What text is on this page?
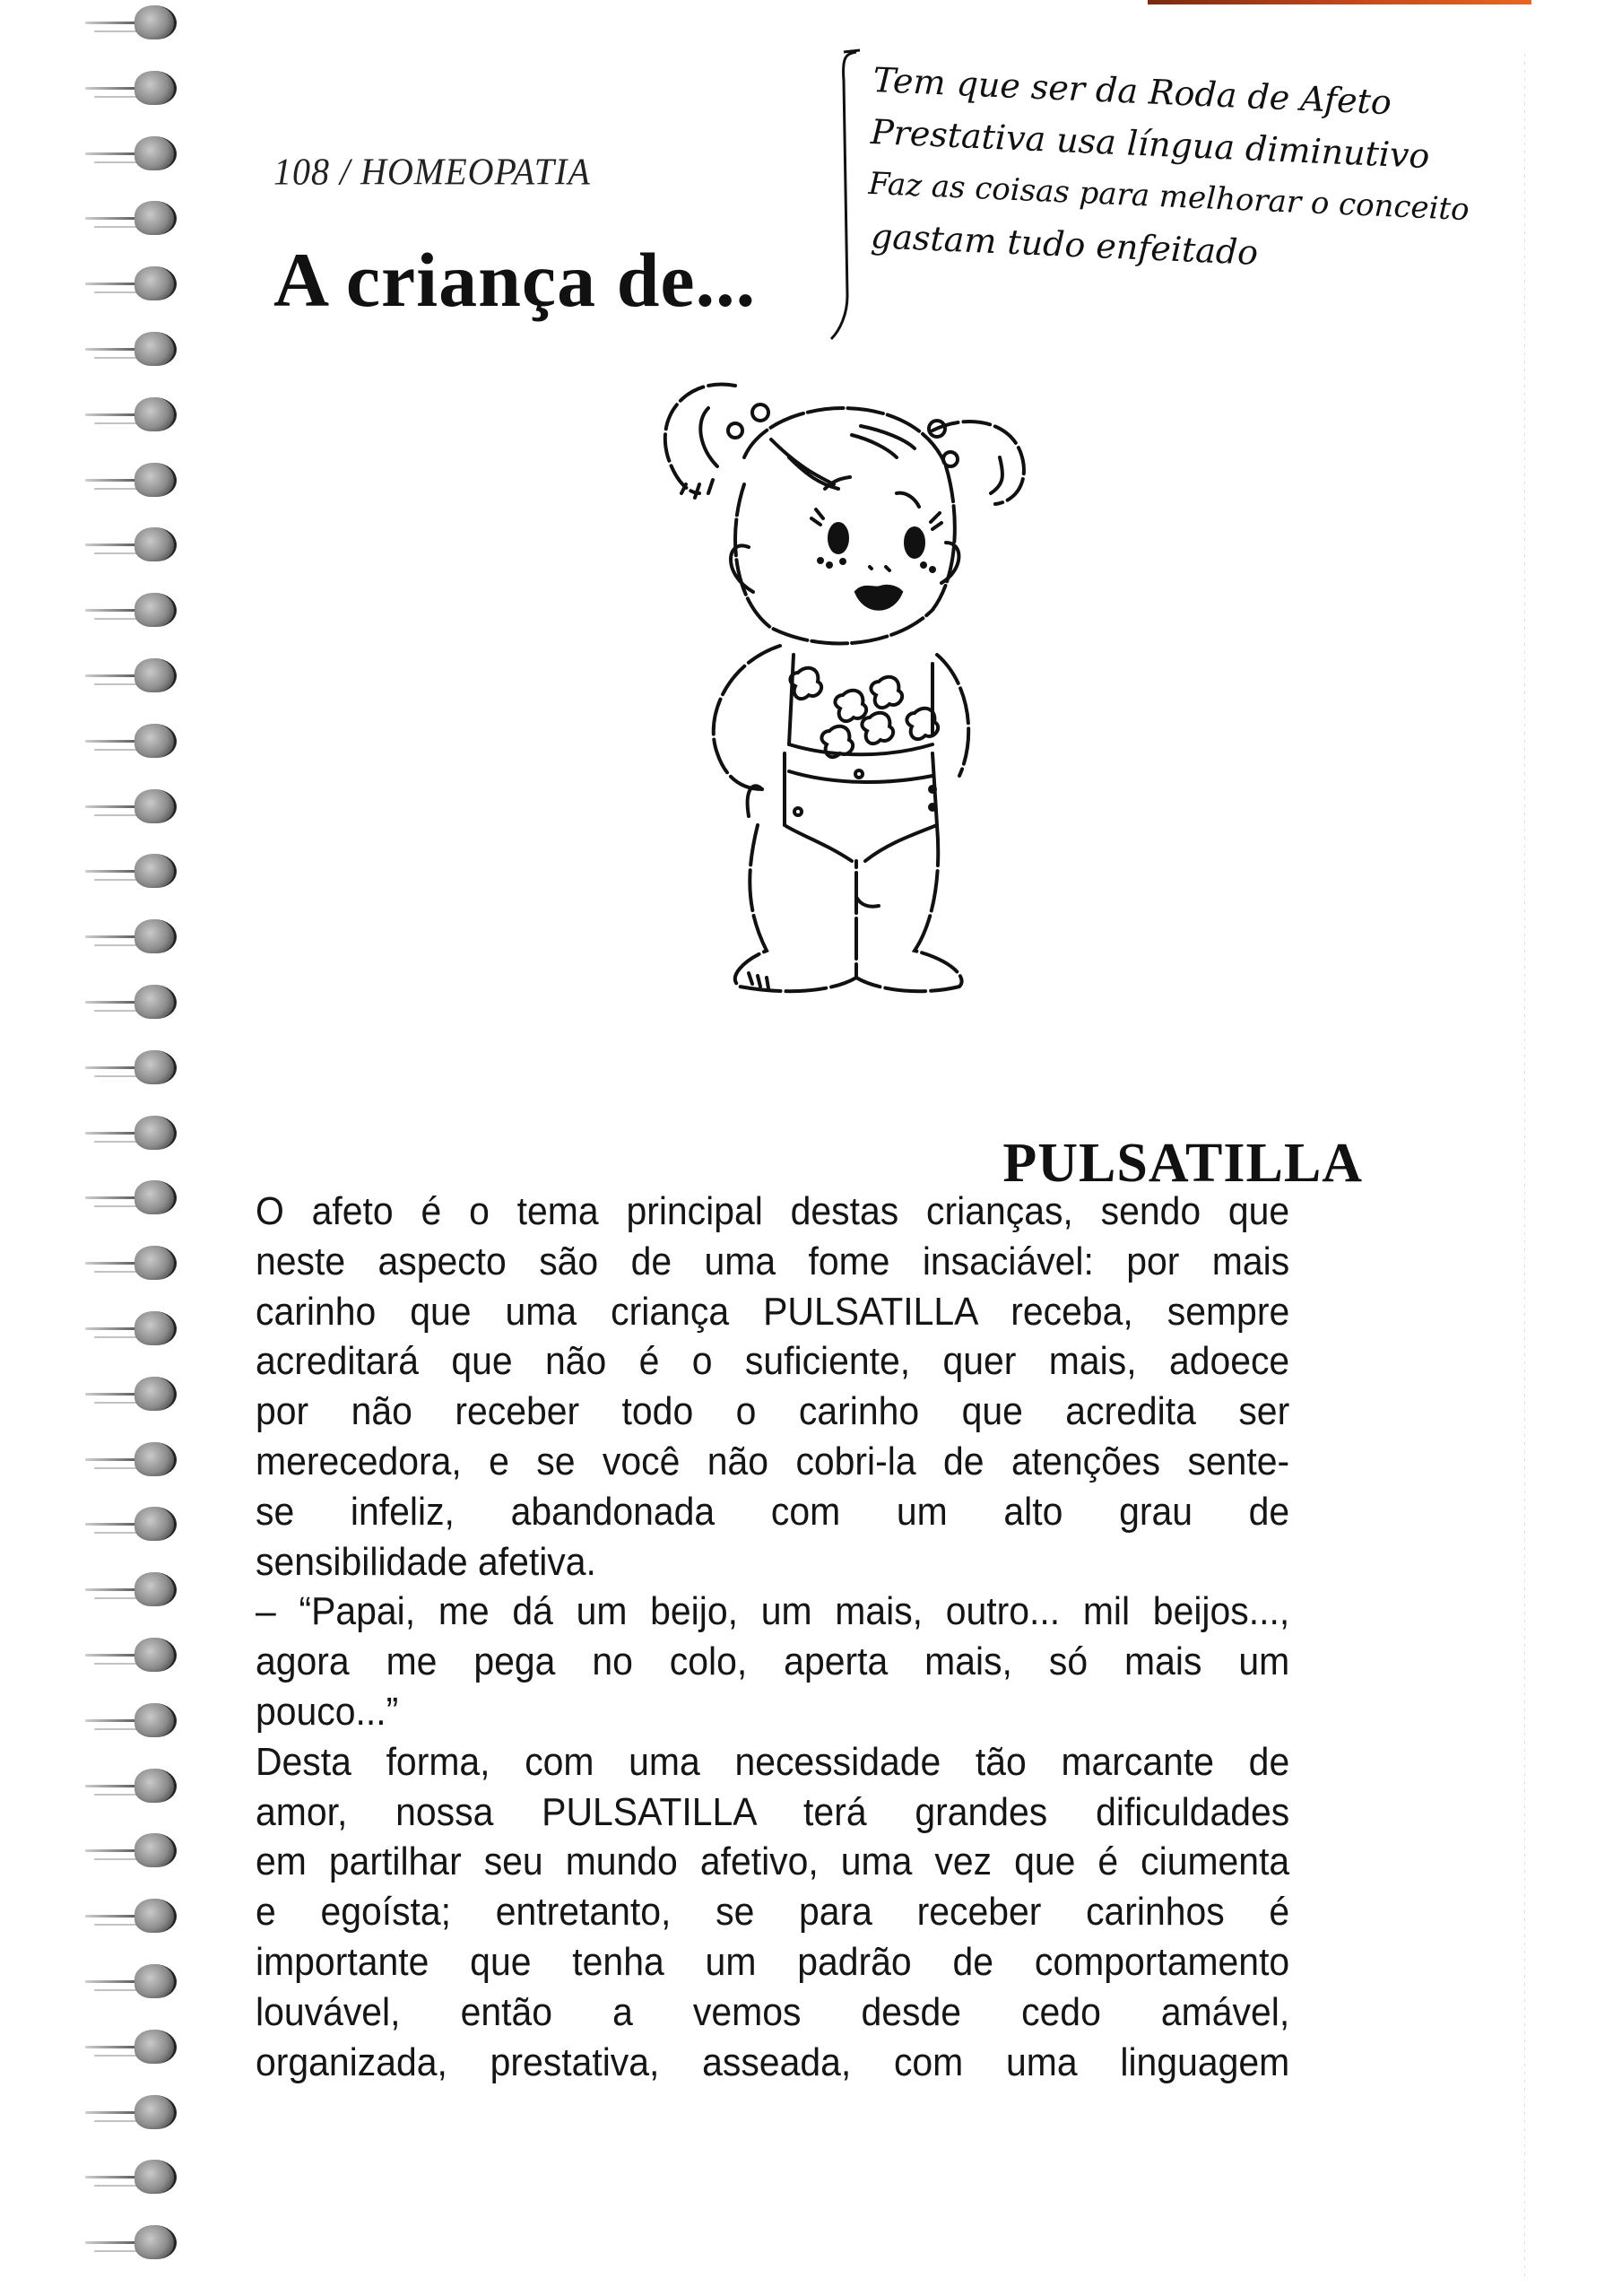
108 / HOMEOPATIA
A criança de...
Tem que ser da Roda de Afeto
Prestativa usa língua diminutivo
Faz as coisas para melhorar o conceito
gastam tudo enfeitado
PULSATILLA
O afeto é o tema principal destas crianças, sendo que
neste aspecto são de uma fome insaciável: por mais
carinho que uma criança PULSATILLA receba, sempre
acreditará que não é o suficiente, quer mais, adoece
por não receber todo o carinho que acredita ser
merecedora, e se você não cobri-la de atenções sente-
se infeliz, abandonada com um alto grau de
sensibilidade afetiva.
– “Papai, me dá um beijo, um mais, outro... mil beijos...,
agora me pega no colo, aperta mais, só mais um
pouco...”
Desta forma, com uma necessidade tão marcante de
amor, nossa PULSATILLA terá grandes dificuldades
em partilhar seu mundo afetivo, uma vez que é ciumenta
e egoísta; entretanto, se para receber carinhos é
importante que tenha um padrão de comportamento
louvável, então a vemos desde cedo amável,
organizada, prestativa, asseada, com uma linguagem
